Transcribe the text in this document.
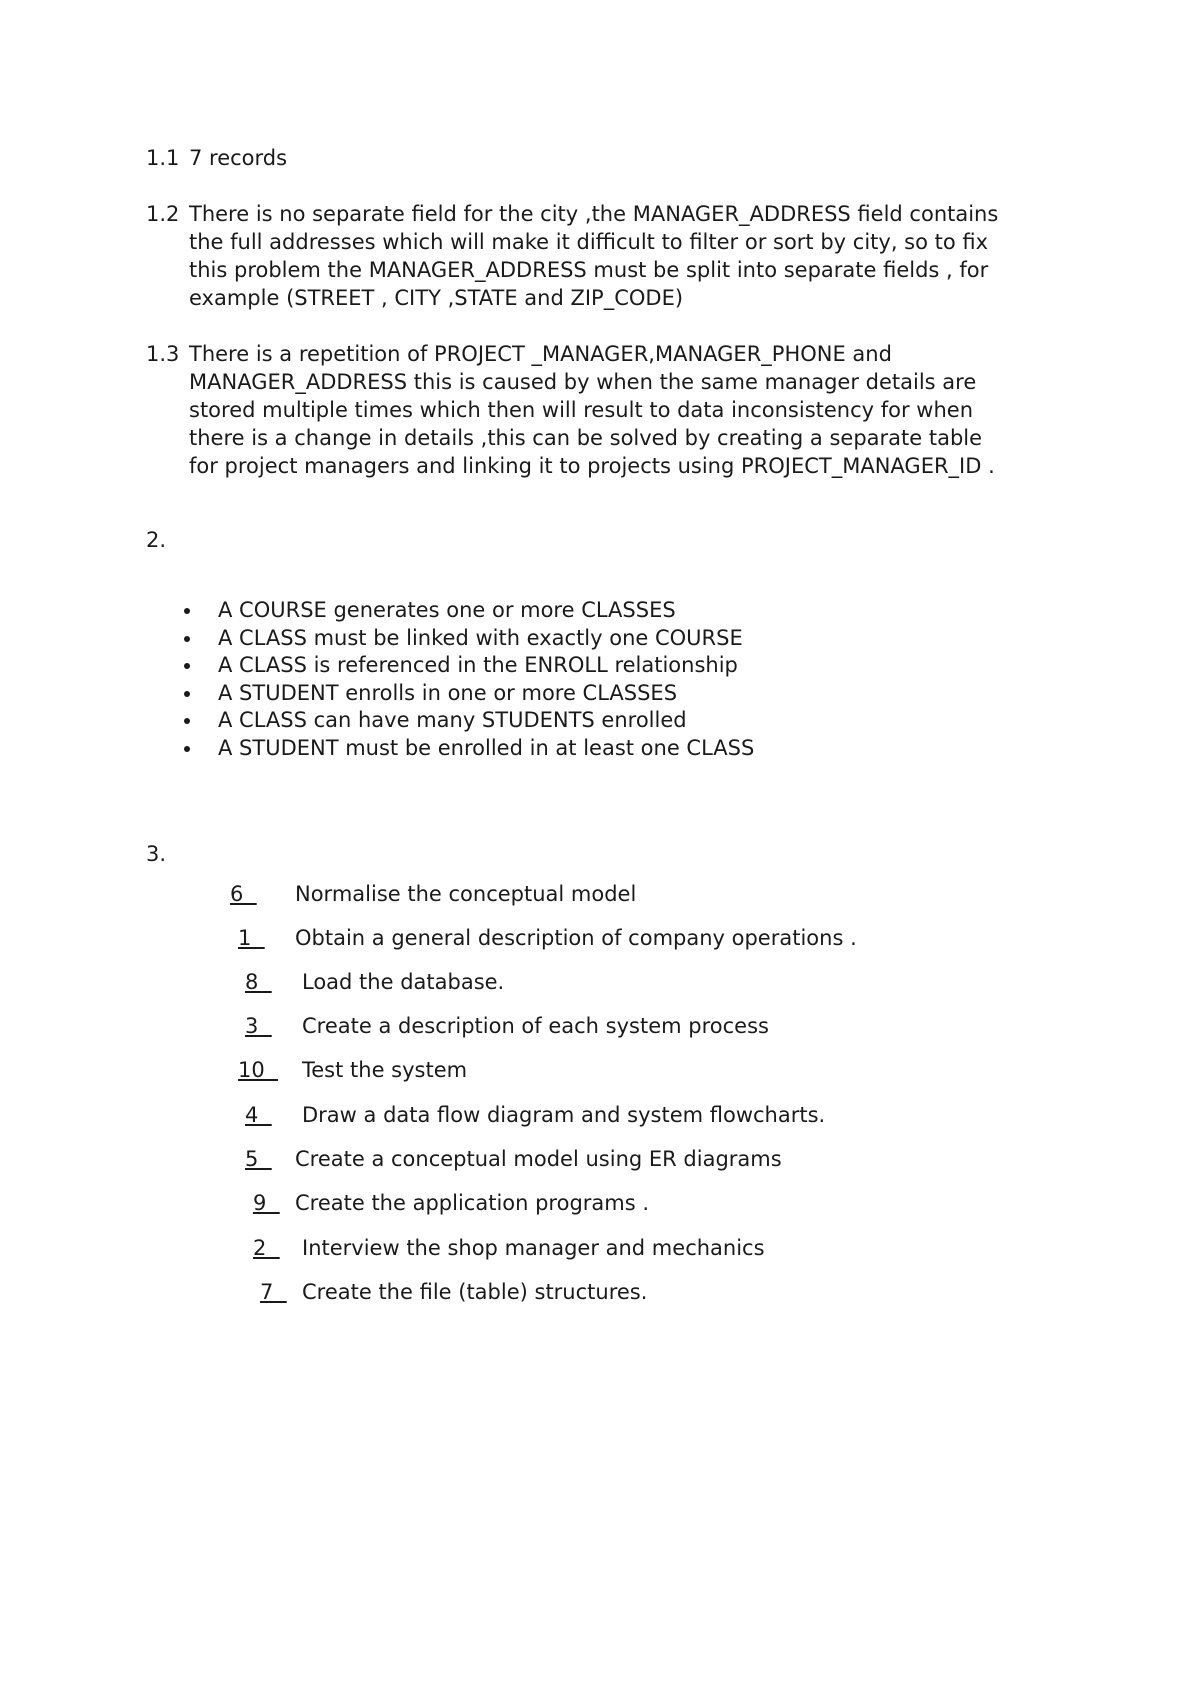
1.1 7 records
1.2 There is no separate field for the city ,the MANAGER_ADDRESS field contains
the full addresses which will make it difficult to filter or sort by city, so to fix
this problem the MANAGER_ADDRESS must be split into separate fields , for
example (STREET , CITY ,STATE and ZIP_CODE)
1.3 There is a repetition of PROJECT _MANAGER,MANAGER_PHONE and
MANAGER_ADDRESS this is caused by when the same manager details are
stored multiple times which then will result to data inconsistency for when
there is a change in details ,this can be solved by creating a separate table
for project managers and linking it to projects using PROJECT_MANAGER_ID .
2.
A COURSE generates one or more CLASSES
A CLASS must be linked with exactly one COURSE
A CLASS is referenced in the ENROLL relationship
A STUDENT enrolls in one or more CLASSES
A CLASS can have many STUDENTS enrolled
A STUDENT must be enrolled in at least one CLASS
3.
6 Normalise the conceptual model
1 Obtain a general description of company operations .
8 Load the database.
3 Create a description of each system process
10 Test the system
4 Draw a data flow diagram and system flowcharts.
5 Create a conceptual model using ER diagrams
9 Create the application programs .
2 Interview the shop manager and mechanics
7 Create the file (table) structures.
